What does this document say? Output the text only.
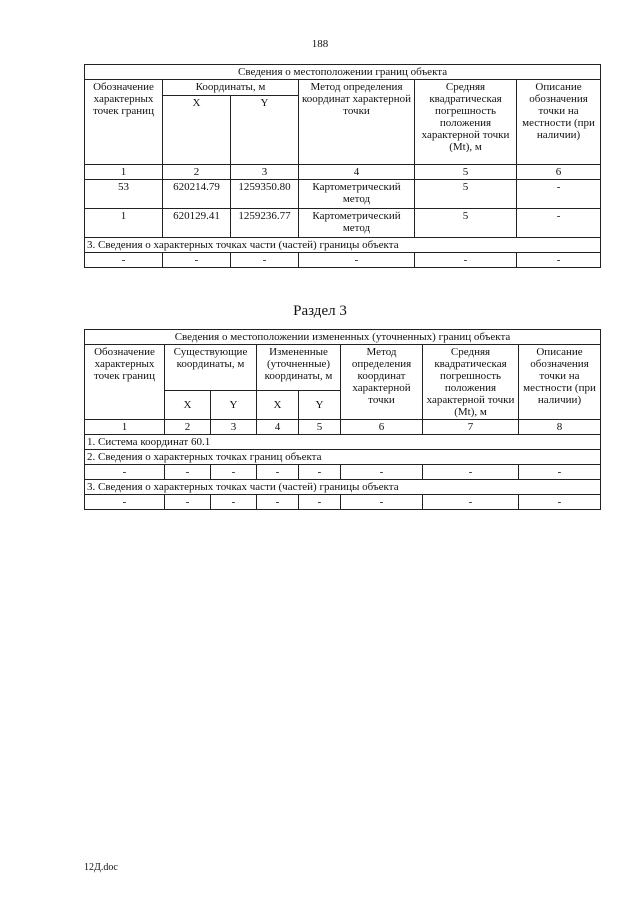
188
Сведения о местоположении границ объекта					
Обозначение характерных точек границ	Координаты, м		Метод определения координат характерной точки	Средняя квадратическая погрешность положения характерной точки (Mt), м	Описание обозначения точки на местности (при наличии)
	X	Y			
1	2	3	4	5	6
53	620214.79	1259350.80	Картометрический метод	5	-
1	620129.41	1259236.77	Картометрический метод	5	-
3. Сведения о характерных точках части (частей) границы объекта					
-	-	-	-	-	-
Раздел 3
Сведения о местоположении измененных (уточненных) границ объекта							
Обозначение характерных точек границ	Существующие координаты, м		Измененные (уточненные) координаты, м		Метод определения координат характерной точки	Средняя квадратическая погрешность положения характерной точки (Mt), м	Описание обозначения точки на местности (при наличии)
	X	Y	X	Y			
1	2	3	4	5	6	7	8
1. Система координат 60.1							
2. Сведения о характерных точках границ объекта							
-	-	-	-	-	-	-	-
3. Сведения о характерных точках части (частей) границы объекта							
-	-	-	-	-	-	-	-
12Д.doc
